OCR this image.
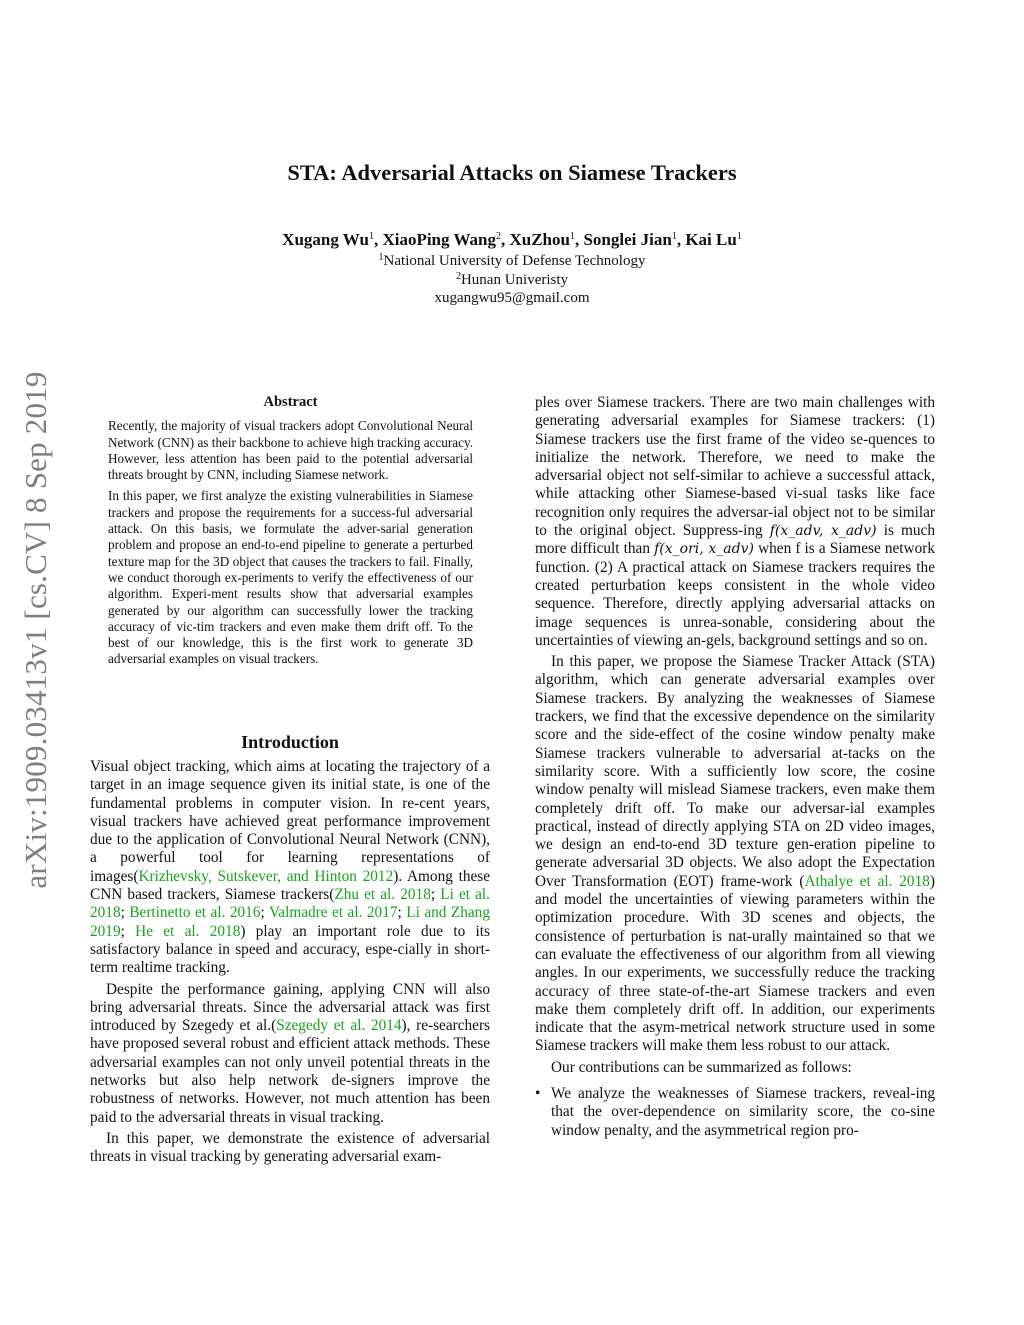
arXiv:1909.03413v1 [cs.CV] 8 Sep 2019
STA: Adversarial Attacks on Siamese Trackers
Xugang Wu$^1$, XiaoPing Wang$^2$, XuZhou$^1$, Songlei Jian$^1$, Kai Lu$^1$
$^1$National University of Defense Technology
$^2$Hunan Univeristy
xugangwu95@gmail.com
Abstract

Recently, the majority of visual trackers adopt Convolutional Neural Network (CNN) as their backbone to achieve high tracking accuracy. However, less attention has been paid to the potential adversarial threats brought by CNN, including Siamese network.

In this paper, we first analyze the existing vulnerabilities in Siamese trackers and propose the requirements for a success-ful adversarial attack. On this basis, we formulate the adver-sarial generation problem and propose an end-to-end pipeline to generate a perturbed texture map for the 3D object that causes the trackers to fail. Finally, we conduct thorough ex-periments to verify the effectiveness of our algorithm. Experi-ment results show that adversarial examples generated by our algorithm can successfully lower the tracking accuracy of vic-tim trackers and even make them drift off. To the best of our knowledge, this is the first work to generate 3D adversarial examples on visual trackers.

Introduction

Visual object tracking, which aims at locating the trajectory of a target in an image sequence given its initial state, is one of the fundamental problems in computer vision. In re-cent years, visual trackers have achieved great performance improvement due to the application of Convolutional Neural Network (CNN), a powerful tool for learning representations of images(Krizhevsky, Sutskever, and Hinton 2012). Among these CNN based trackers, Siamese trackers(Zhu et al. 2018; Li et al. 2018; Bertinetto et al. 2016; Valmadre et al. 2017; Li and Zhang 2019; He et al. 2018) play an important role due to its satisfactory balance in speed and accuracy, espe-cially in short-term realtime tracking.

Despite the performance gaining, applying CNN will also bring adversarial threats. Since the adversarial attack was first introduced by Szegedy et al.(Szegedy et al. 2014), re-searchers have proposed several robust and efficient attack methods. These adversarial examples can not only unveil potential threats in the networks but also help network de-signers improve the robustness of networks. However, not much attention has been paid to the adversarial threats in visual tracking.

In this paper, we demonstrate the existence of adversarial threats in visual tracking by generating adversarial exam-

ples over Siamese trackers. There are two main challenges with generating adversarial examples for Siamese trackers: (1) Siamese trackers use the first frame of the video se-quences to initialize the network. Therefore, we need to make the adversarial object not self-similar to achieve a successful attack, while attacking other Siamese-based vi-sual tasks like face recognition only requires the adversar-ial object not to be similar to the original object. Suppress-ing f(x_adv, x_adv) is much more difficult than f(x_ori, x_adv) when f is a Siamese network function. (2) A practical attack on Siamese trackers requires the created perturbation keeps consistent in the whole video sequence. Therefore, directly applying adversarial attacks on image sequences is unrea-sonable, considering about the uncertainties of viewing an-gels, background settings and so on.

In this paper, we propose the Siamese Tracker Attack (STA) algorithm, which can generate adversarial examples over Siamese trackers. By analyzing the weaknesses of Siamese trackers, we find that the excessive dependence on the similarity score and the side-effect of the cosine window penalty make Siamese trackers vulnerable to adversarial at-tacks on the similarity score. With a sufficiently low score, the cosine window penalty will mislead Siamese trackers, even make them completely drift off. To make our adversar-ial examples practical, instead of directly applying STA on 2D video images, we design an end-to-end 3D texture gen-eration pipeline to generate adversarial 3D objects. We also adopt the Expectation Over Transformation (EOT) frame-work (Athalye et al. 2018) and model the uncertainties of viewing parameters within the optimization procedure. With 3D scenes and objects, the consistence of perturbation is nat-urally maintained so that we can evaluate the effectiveness of our algorithm from all viewing angles. In our experiments, we successfully reduce the tracking accuracy of three state-of-the-art Siamese trackers and even make them completely drift off. In addition, our experiments indicate that the asym-metrical network structure used in some Siamese trackers will make them less robust to our attack.

Our contributions can be summarized as follows:

• We analyze the weaknesses of Siamese trackers, reveal-ing that the over-dependence on similarity score, the co-sine window penalty, and the asymmetrical region pro-
